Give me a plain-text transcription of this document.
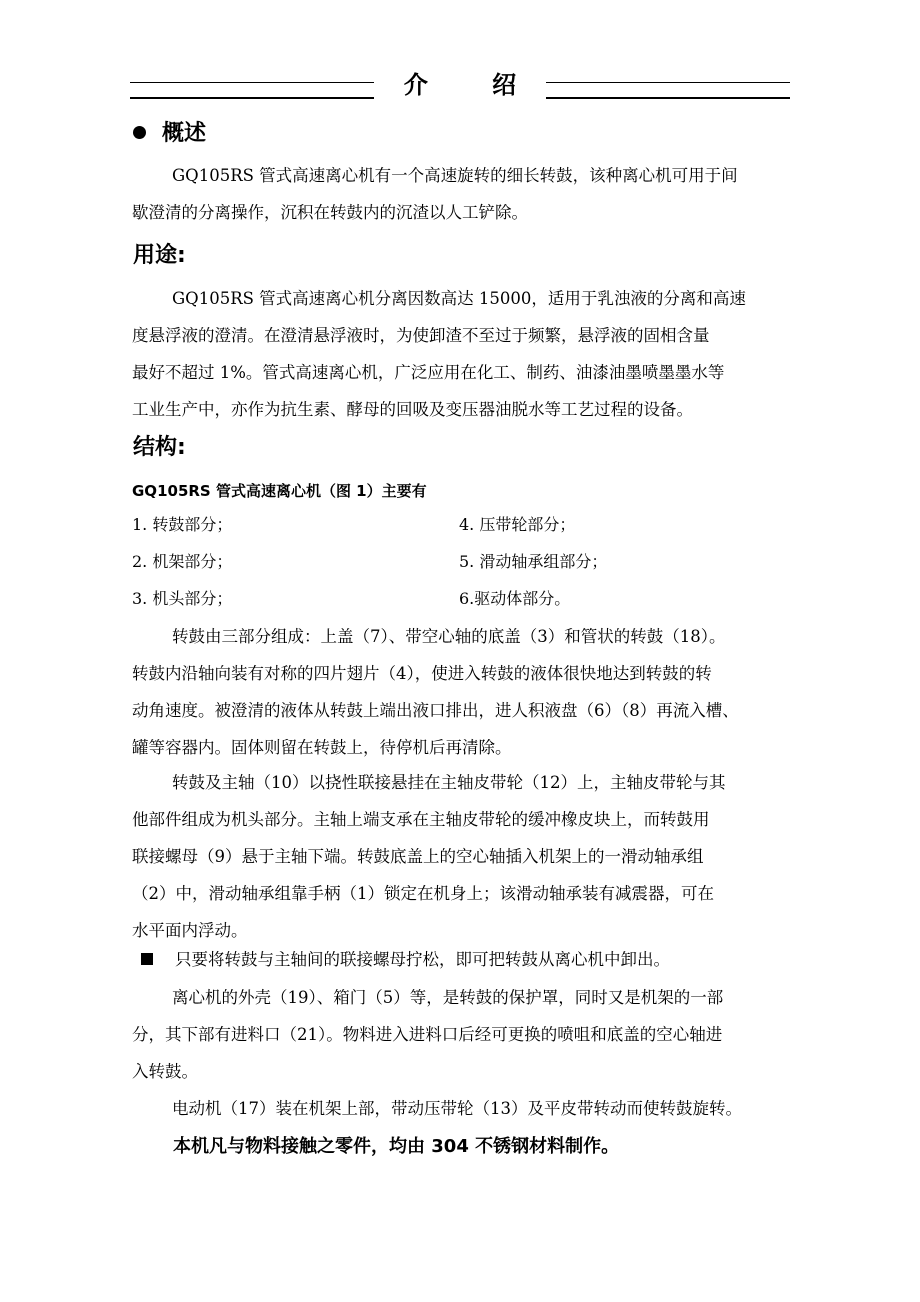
介 绍
概述
GQ105RS 管式高速离心机有一个高速旋转的细长转鼓，该种离心机可用于间
歇澄清的分离操作，沉积在转鼓内的沉渣以人工铲除。
用途:
GQ105RS 管式高速离心机分离因数高达 15000，适用于乳浊液的分离和高速
度悬浮液的澄清。在澄清悬浮液时，为使卸渣不至过于频繁，悬浮液的固相含量
最好不超过 1%。管式高速离心机，广泛应用在化工、制药、油漆油墨喷墨墨水等
工业生产中，亦作为抗生素、酵母的回吸及变压器油脱水等工艺过程的设备。
结构:
GQ105RS 管式高速离心机（图 1）主要有
1. 转鼓部分；	4. 压带轮部分；
2. 机架部分；	5. 滑动轴承组部分；
3. 机头部分；	6.驱动体部分。
转鼓由三部分组成：上盖（7）、带空心轴的底盖（3）和管状的转鼓（18）。
转鼓内沿轴向装有对称的四片翅片（4），使进入转鼓的液体很快地达到转鼓的转
动角速度。被澄清的液体从转鼓上端出液口排出，进人积液盘（6）（8）再流入槽、
罐等容器内。固体则留在转鼓上，待停机后再清除。
转鼓及主轴（10）以挠性联接悬挂在主轴皮带轮（12）上，主轴皮带轮与其
他部件组成为机头部分。主轴上端支承在主轴皮带轮的缓冲橡皮块上，而转鼓用
联接螺母（9）悬于主轴下端。转鼓底盖上的空心轴插入机架上的一滑动轴承组
（2）中，滑动轴承组靠手柄（1）锁定在机身上；该滑动轴承装有减震器，可在
水平面内浮动。
只要将转鼓与主轴间的联接螺母拧松，即可把转鼓从离心机中卸出。
离心机的外壳（19）、箱门（5）等，是转鼓的保护罩，同时又是机架的一部
分，其下部有进料口（21）。物料进入进料口后经可更换的喷咀和底盖的空心轴进
入转鼓。
电动机（17）装在机架上部，带动压带轮（13）及平皮带转动而使转鼓旋转。
本机凡与物料接触之零件，均由 304 不锈钢材料制作。
